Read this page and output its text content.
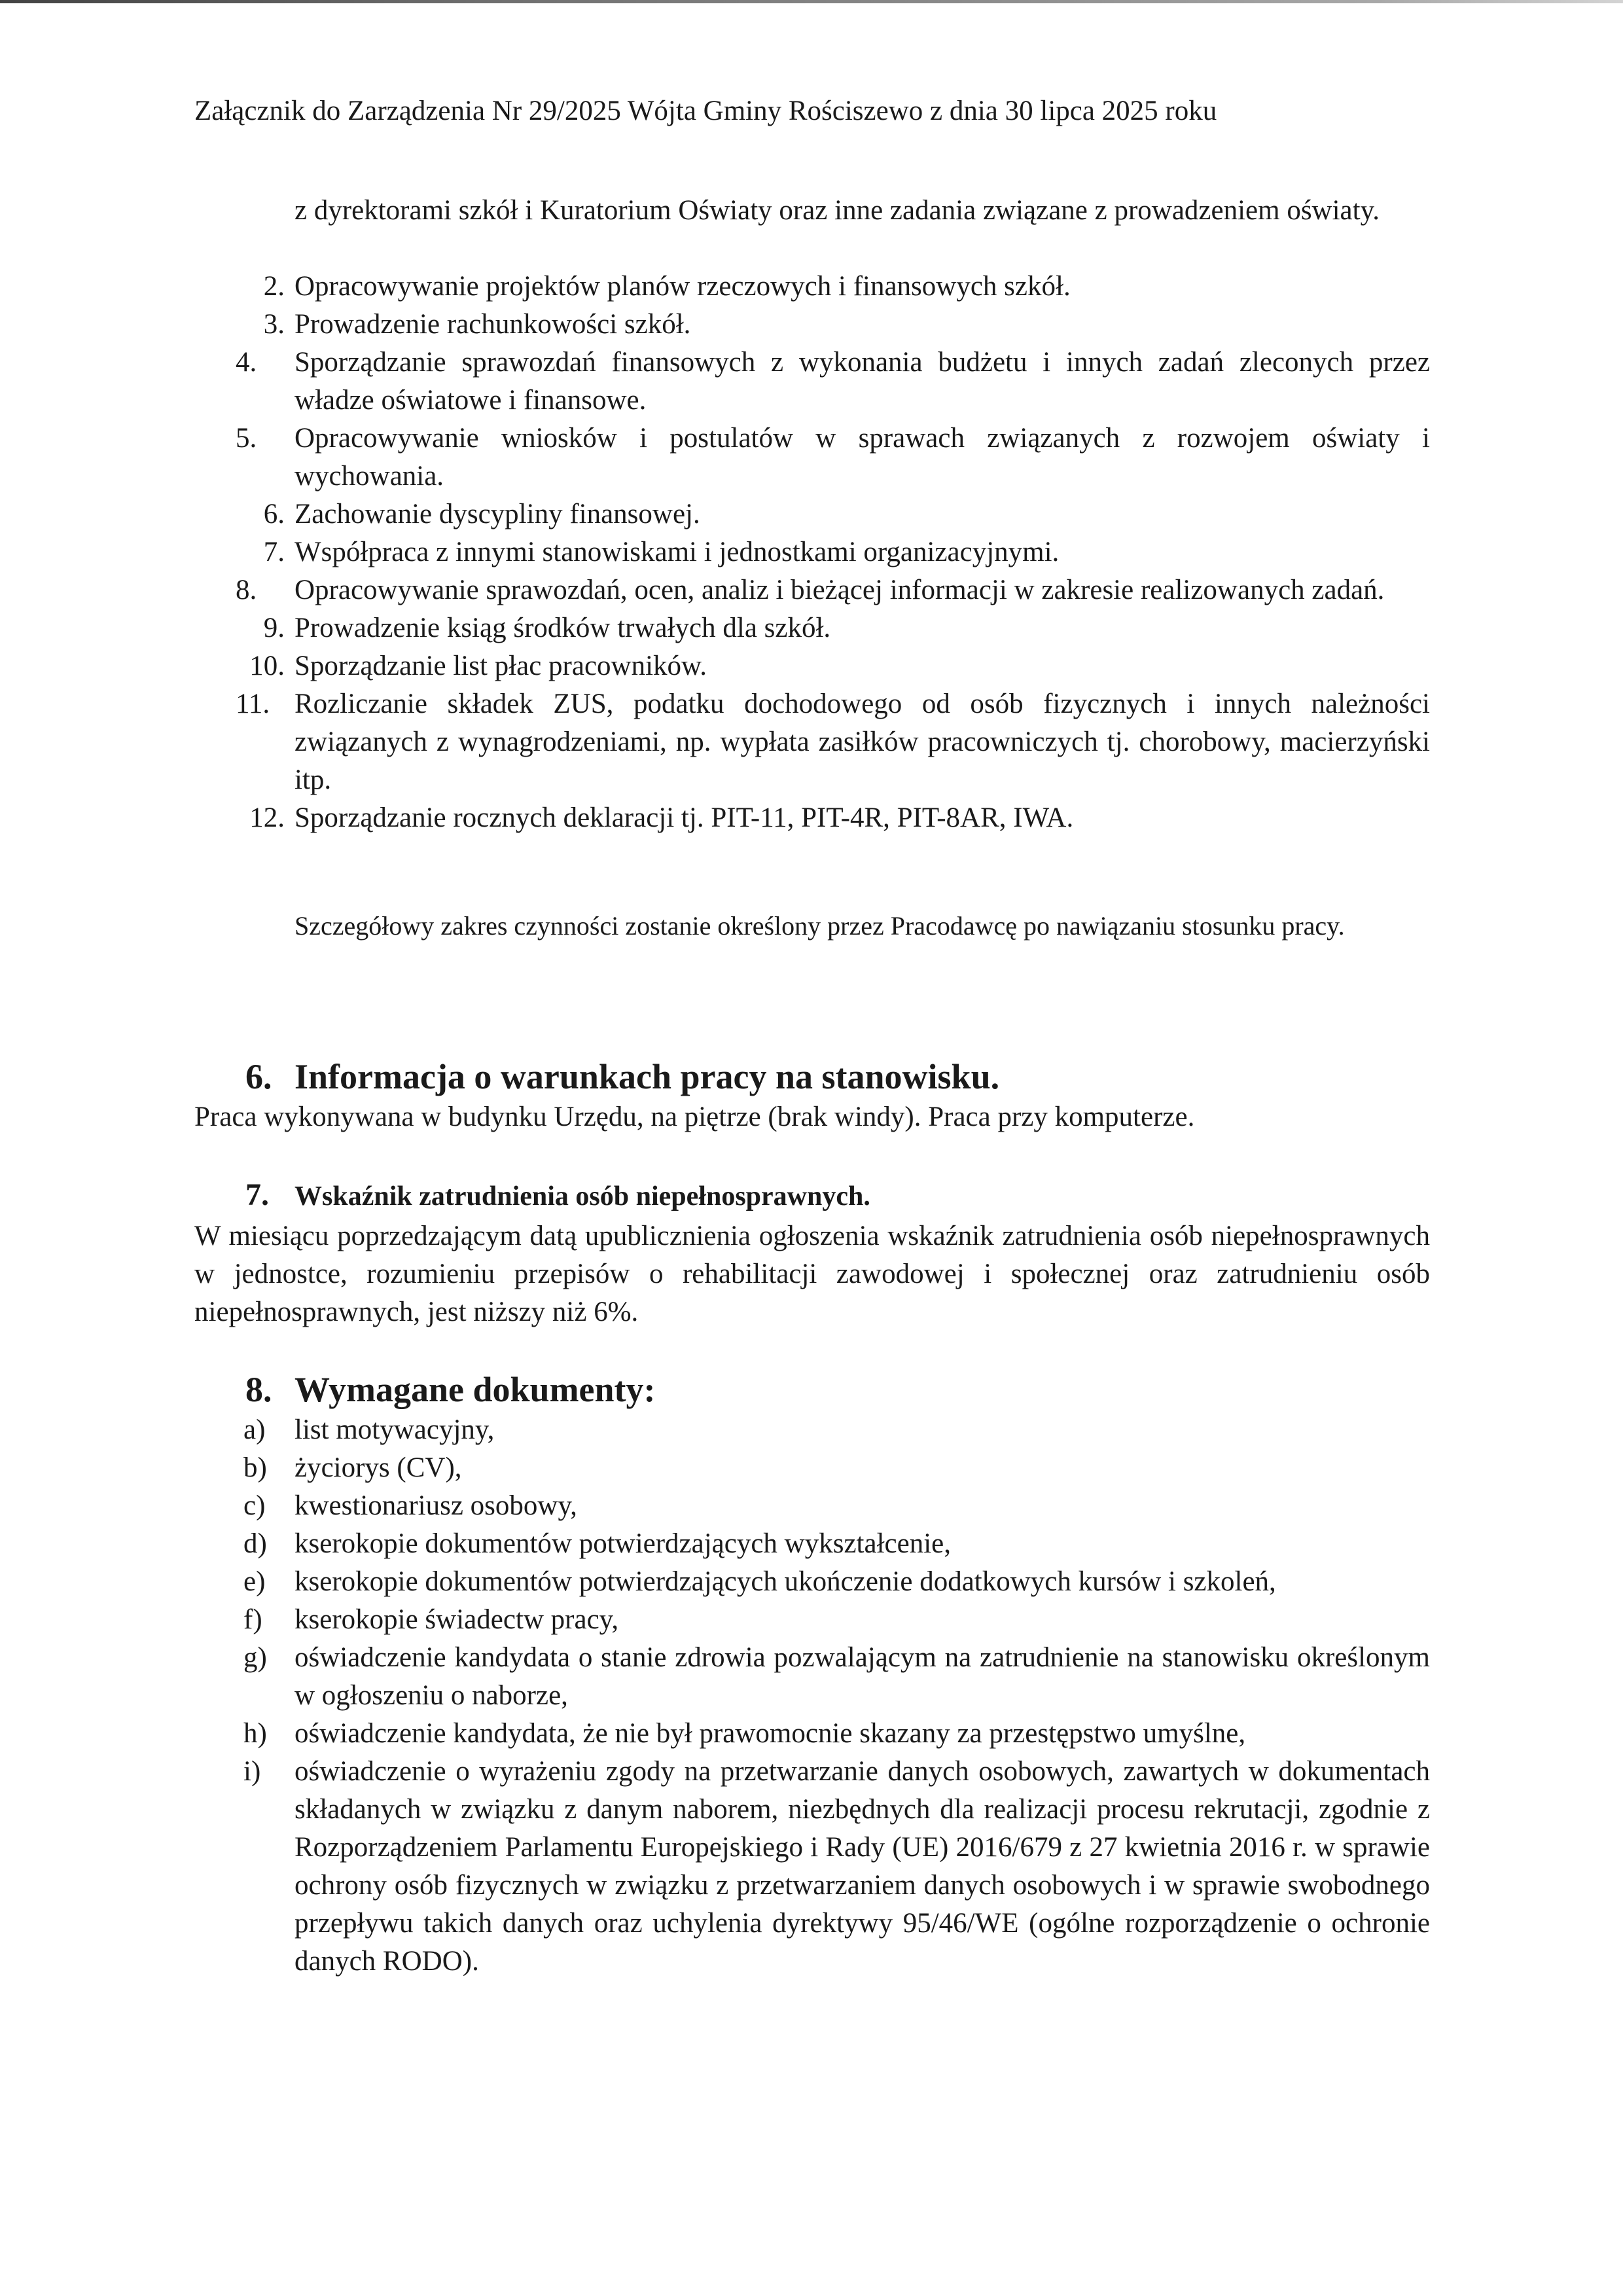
Załącznik do Zarządzenia Nr 29/2025 Wójta Gminy Rościszewo z dnia 30 lipca 2025 roku
z dyrektorami szkół i Kuratorium Oświaty oraz inne zadania związane z prowadzeniem oświaty.
2. Opracowywanie projektów planów rzeczowych i finansowych szkół.
3. Prowadzenie rachunkowości szkół.
4.	Sporządzanie sprawozdań finansowych z wykonania budżetu i innych zadań zleconych przez władze oświatowe i finansowe.
5.	Opracowywanie wniosków i postulatów w sprawach związanych z rozwojem oświaty i wychowania.
6. Zachowanie dyscypliny finansowej.
7. Współpraca z innymi stanowiskami i jednostkami organizacyjnymi.
8.	Opracowywanie sprawozdań, ocen, analiz i bieżącej informacji w zakresie realizowanych zadań.
9. Prowadzenie ksiąg środków trwałych dla szkół.
10. Sporządzanie list płac pracowników.
11. Rozliczanie składek ZUS, podatku dochodowego od osób fizycznych i innych należności związanych z wynagrodzeniami, np. wypłata zasiłków pracowniczych tj. chorobowy, macierzyński itp.
12. Sporządzanie rocznych deklaracji tj. PIT-11, PIT-4R, PIT-8AR, IWA.
Szczegółowy zakres czynności zostanie określony przez Pracodawcę po nawiązaniu stosunku pracy.
6. Informacja o warunkach pracy na stanowisku.
Praca wykonywana w budynku Urzędu, na piętrze (brak windy). Praca przy komputerze.
7. Wskaźnik zatrudnienia osób niepełnosprawnych.
W miesiącu poprzedzającym datą upublicznienia ogłoszenia wskaźnik zatrudnienia osób niepełnosprawnych w jednostce, rozumieniu przepisów o rehabilitacji zawodowej i społecznej oraz zatrudnieniu osób niepełnosprawnych, jest niższy niż 6%.
8. Wymagane dokumenty:
a) list motywacyjny,
b) życiorys (CV),
c) kwestionariusz osobowy,
d) kserokopie dokumentów potwierdzających wykształcenie,
e) kserokopie dokumentów potwierdzających ukończenie dodatkowych kursów i szkoleń,
f) kserokopie świadectw pracy,
g) oświadczenie kandydata o stanie zdrowia pozwalającym na zatrudnienie na stanowisku określonym w ogłoszeniu o naborze,
h) oświadczenie kandydata, że nie był prawomocnie skazany za przestępstwo umyślne,
i) oświadczenie o wyrażeniu zgody na przetwarzanie danych osobowych, zawartych w dokumentach składanych w związku z danym naborem, niezbędnych dla realizacji procesu rekrutacji, zgodnie z Rozporządzeniem Parlamentu Europejskiego i Rady (UE) 2016/679 z 27 kwietnia 2016 r. w sprawie ochrony osób fizycznych w związku z przetwarzaniem danych osobowych i w sprawie swobodnego przepływu takich danych oraz uchylenia dyrektywy 95/46/WE (ogólne rozporządzenie o ochronie danych RODO).
